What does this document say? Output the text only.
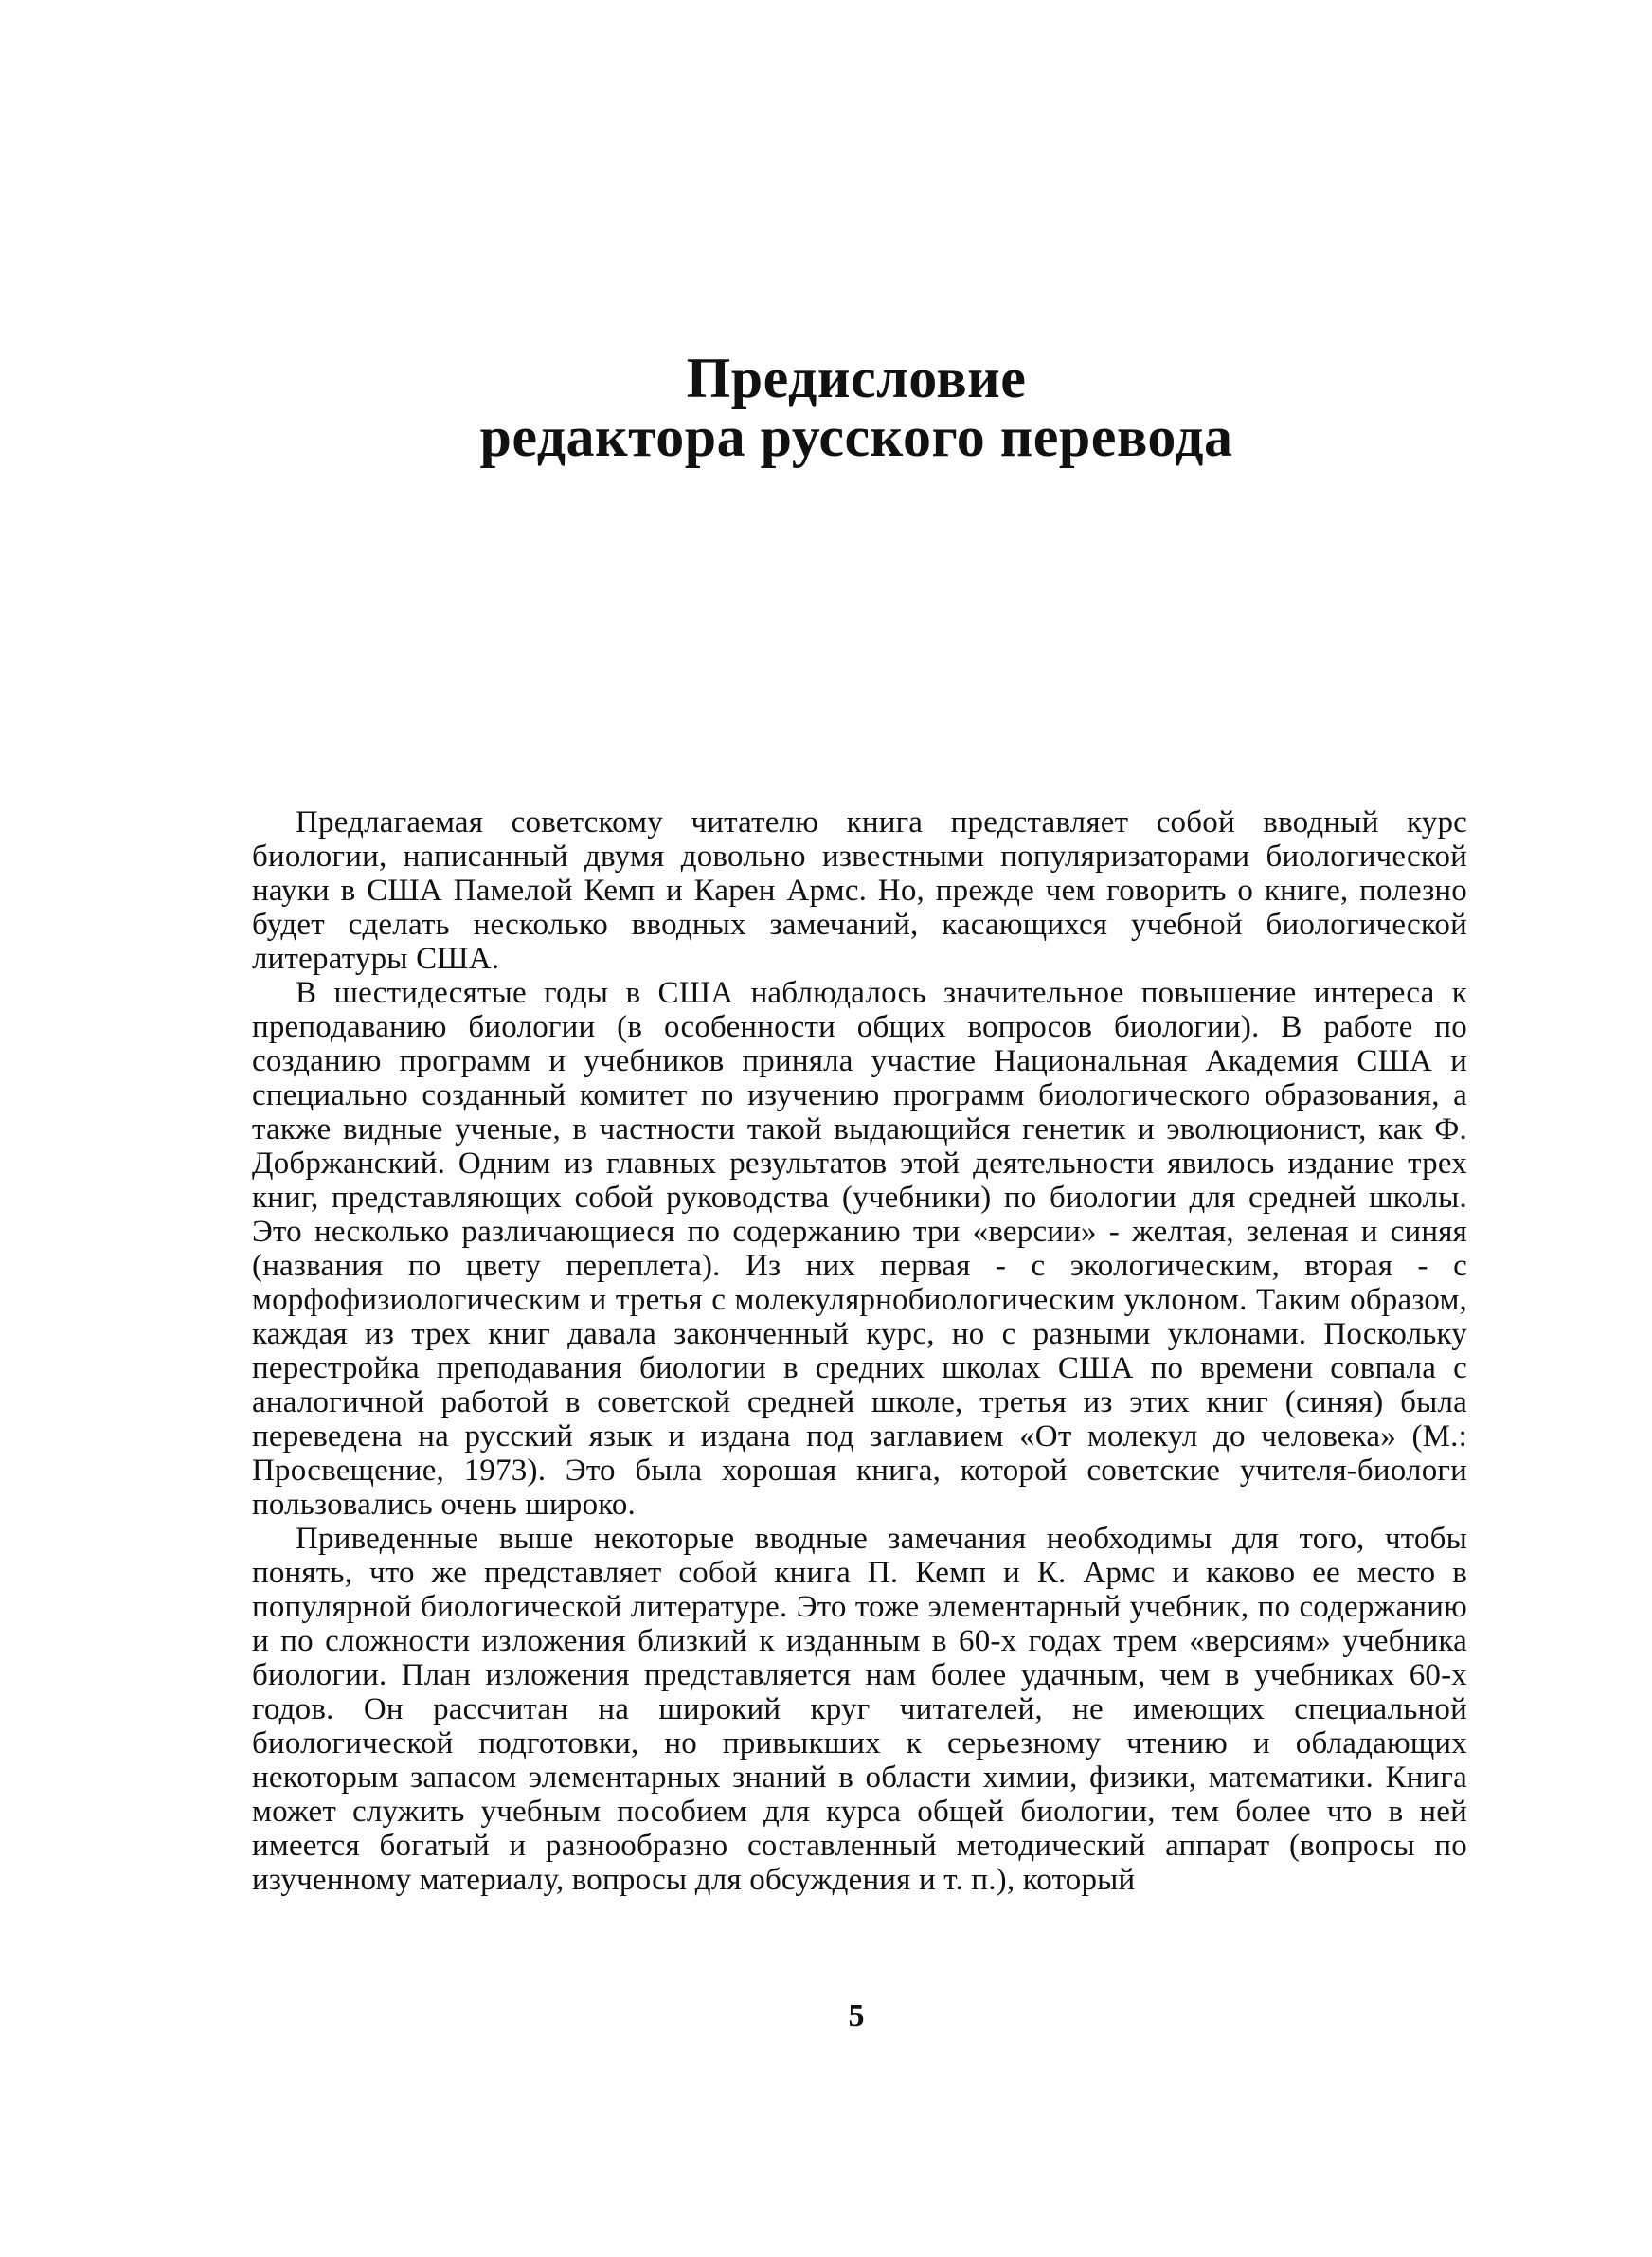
Предисловие
редактора русского перевода

Предлагаемая советскому читателю книга представляет собой вводный курс биологии, написанный двумя довольно известными популяризаторами биологической науки в США Памелой Кемп и Карен Армс. Но, прежде чем говорить о книге, полезно будет сделать несколько вводных замечаний, касающихся учебной биологической литературы США.

В шестидесятые годы в США наблюдалось значительное повышение интереса к преподаванию биологии (в особенности общих вопросов биологии). В работе по созданию программ и учебников приняла участие Национальная Академия США и специально созданный комитет по изучению программ биологического образования, а также видные ученые, в частности такой выдающийся генетик и эволюционист, как Ф. Добржанский. Одним из главных результатов этой деятельности явилось издание трех книг, представляющих собой руководства (учебники) по биологии для средней школы. Это несколько различающиеся по содержанию три «версии» - желтая, зеленая и синяя (названия по цвету переплета). Из них первая - с экологическим, вторая - с морфофизиологическим и третья с молекулярнобиологическим уклоном. Таким образом, каждая из трех книг давала законченный курс, но с разными уклонами. Поскольку перестройка преподавания биологии в средних школах США по времени совпала с аналогичной работой в советской средней школе, третья из этих книг (синяя) была переведена на русский язык и издана под заглавием «От молекул до человека» (М.: Просвещение, 1973). Это была хорошая книга, которой советские учителя-биологи пользовались очень широко.

Приведенные выше некоторые вводные замечания необходимы для того, чтобы понять, что же представляет собой книга П. Кемп и К. Армс и каково ее место в популярной биологической литературе. Это тоже элементарный учебник, по содержанию и по сложности изложения близкий к изданным в 60-х годах трем «версиям» учебника биологии. План изложения представляется нам более удачным, чем в учебниках 60-х годов. Он рассчитан на широкий круг читателей, не имеющих специальной биологической подготовки, но привыкших к серьезному чтению и обладающих некоторым запасом элементарных знаний в области химии, физики, математики. Книга может служить учебным пособием для курса общей биологии, тем более что в ней имеется богатый и разнообразно составленный методический аппарат (вопросы по изученному материалу, вопросы для обсуждения и т. п.), который

5
